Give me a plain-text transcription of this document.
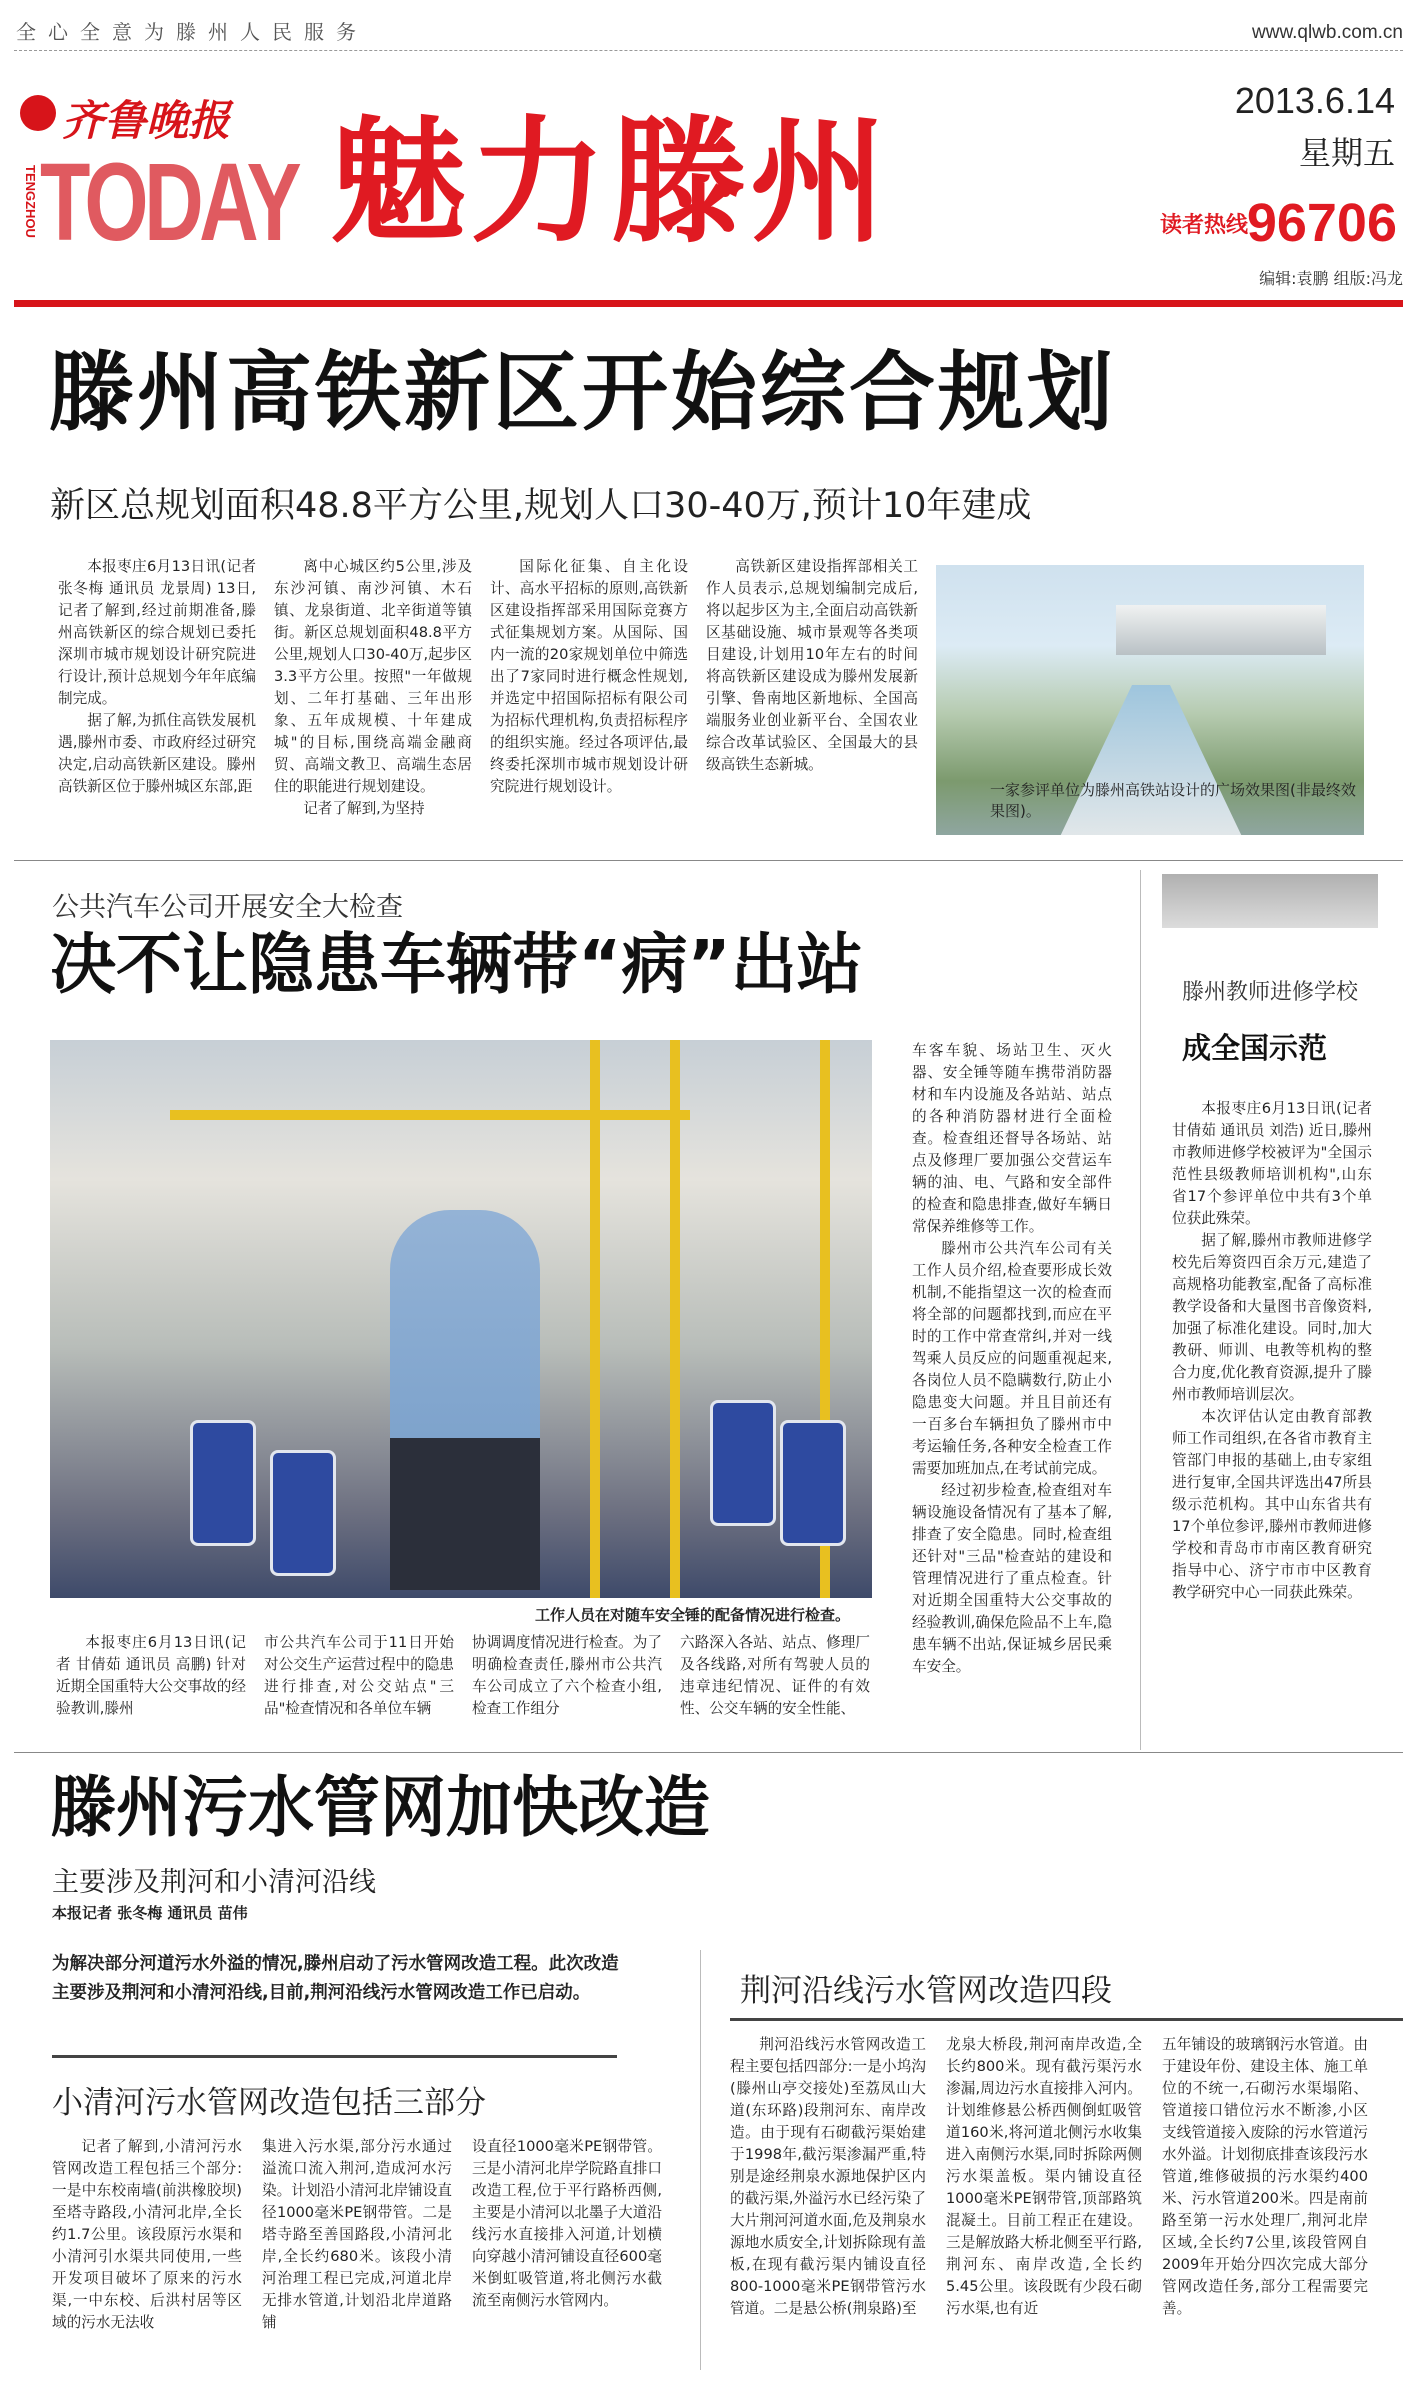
全心全意为滕州人民服务	www.qlwb.com.cn
齐鲁晚报
TENGZHOU TODAY 魅力滕州
2013.6.14
星期五
读者热线
96706
编辑:袁鹏 组版:冯龙
滕州高铁新区开始综合规划
新区总规划面积48.8平方公里,规划人口30-40万,预计10年建成

本报枣庄6月13日讯(记者 张冬梅 通讯员 龙景周) 13日,记者了解到,经过前期准备,滕州高铁新区的综合规划已委托深圳市城市规划设计研究院进行设计,预计总规划今年年底编制完成。

据了解,为抓住高铁发展机遇,滕州市委、市政府经过研究决定,启动高铁新区建设。滕州高铁新区位于滕州城区东部,距

离中心城区约5公里,涉及东沙河镇、南沙河镇、木石镇、龙泉街道、北辛街道等镇街。新区总规划面积48.8平方公里,规划人口30-40万,起步区3.3平方公里。按照"一年做规划、二年打基础、三年出形象、五年成规模、十年建成城"的目标,围绕高端金融商贸、高端文教卫、高端生态居住的职能进行规划建设。

记者了解到,为坚持

国际化征集、自主化设计、高水平招标的原则,高铁新区建设指挥部采用国际竞赛方式征集规划方案。从国际、国内一流的20家规划单位中筛选出了7家同时进行概念性规划,并选定中招国际招标有限公司为招标代理机构,负责招标程序的组织实施。经过各项评估,最终委托深圳市城市规划设计研究院进行规划设计。

高铁新区建设指挥部相关工作人员表示,总规划编制完成后,将以起步区为主,全面启动高铁新区基础设施、城市景观等各类项目建设,计划用10年左右的时间将高铁新区建设成为滕州发展新引擎、鲁南地区新地标、全国高端服务业创业新平台、全国农业综合改革试验区、全国最大的县级高铁生态新城。

一家参评单位为滕州高铁站设计的广场效果图(非最终效果图)。
公共汽车公司开展安全大检查
决不让隐患车辆带“病”出站
工作人员在对随车安全锤的配备情况进行检查。

本报枣庄6月13日讯(记者 甘倩茹 通讯员 高鹏) 针对近期全国重特大公交事故的经验教训,滕州

市公共汽车公司于11日开始对公交生产运营过程中的隐患进行排查,对公交站点"三品"检查情况和各单位车辆

协调调度情况进行检查。为了明确检查责任,滕州市公共汽车公司成立了六个检查小组,检查工作组分

六路深入各站、站点、修理厂及各线路,对所有驾驶人员的违章违纪情况、证件的有效性、公交车辆的安全性能、

车客车貌、场站卫生、灭火器、安全锤等随车携带消防器材和车内设施及各站站、站点的各种消防器材进行全面检查。检查组还督导各场站、站点及修理厂要加强公交营运车辆的油、电、气路和安全部件的检查和隐患排查,做好车辆日常保养维修等工作。

滕州市公共汽车公司有关工作人员介绍,检查要形成长效机制,不能指望这一次的检查而将全部的问题都找到,而应在平时的工作中常查常纠,并对一线驾乘人员反应的问题重视起来,各岗位人员不隐瞒数行,防止小隐患变大问题。并且目前还有一百多台车辆担负了滕州市中考运输任务,各种安全检查工作需要加班加点,在考试前完成。

经过初步检查,检查组对车辆设施设备情况有了基本了解,排查了安全隐患。同时,检查组还针对"三品"检查站的建设和管理情况进行了重点检查。针对近期全国重特大公交事故的经验教训,确保危险品不上车,隐患车辆不出站,保证城乡居民乘车安全。

滕州教师进修学校
成全国示范

本报枣庄6月13日讯(记者 甘倩茹 通讯员 刘浩) 近日,滕州市教师进修学校被评为"全国示范性县级教师培训机构",山东省17个参评单位中共有3个单位获此殊荣。

据了解,滕州市教师进修学校先后筹资四百余万元,建造了高规格功能教室,配备了高标准教学设备和大量图书音像资料,加强了标准化建设。同时,加大教研、师训、电教等机构的整合力度,优化教育资源,提升了滕州市教师培训层次。

本次评估认定由教育部教师工作司组织,在各省市教育主管部门申报的基础上,由专家组进行复审,全国共评选出47所县级示范机构。其中山东省共有17个单位参评,滕州市教师进修学校和青岛市市南区教育研究指导中心、济宁市市中区教育教学研究中心一同获此殊荣。

滕州污水管网加快改造
主要涉及荆河和小清河沿线
本报记者 张冬梅 通讯员 苗伟
为解决部分河道污水外溢的情况,滕州启动了污水管网改造工程。此次改造主要涉及荆河和小清河沿线,目前,荆河沿线污水管网改造工作已启动。
小清河污水管网改造包括三部分

记者了解到,小清河污水管网改造工程包括三个部分:一是中东校南墙(前洪橡胶坝)至塔寺路段,小清河北岸,全长约1.7公里。该段原污水渠和小清河引水渠共同使用,一些开发项目破坏了原来的污水渠,一中东校、后洪村居等区域的污水无法收

集进入污水渠,部分污水通过溢流口流入荆河,造成河水污染。计划沿小清河北岸铺设直径1000毫米PE钢带管。二是塔寺路至善国路段,小清河北岸,全长约680米。该段小清河治理工程已完成,河道北岸无排水管道,计划沿北岸道路铺

设直径1000毫米PE钢带管。三是小清河北岸学院路直排口改造工程,位于平行路桥西侧,主要是小清河以北墨子大道沿线污水直接排入河道,计划横向穿越小清河铺设直径600毫米倒虹吸管道,将北侧污水截流至南侧污水管网内。

荆河沿线污水管网改造四段

荆河沿线污水管网改造工程主要包括四部分:一是小坞沟(滕州山亭交接处)至荔凤山大道(东环路)段荆河东、南岸改造。由于现有石砌截污渠始建于1998年,截污渠渗漏严重,特别是途经荆泉水源地保护区内的截污渠,外溢污水已经污染了大片荆河河道水面,危及荆泉水源地水质安全,计划拆除现有盖板,在现有截污渠内铺设直径800-1000毫米PE钢带管污水管道。二是悬公桥(荆泉路)至

龙泉大桥段,荆河南岸改造,全长约800米。现有截污渠污水渗漏,周边污水直接排入河内。计划维修悬公桥西侧倒虹吸管道160米,将河道北侧污水收集进入南侧污水渠,同时拆除两侧污水渠盖板。渠内铺设直径1000毫米PE钢带管,顶部路筑混凝土。目前工程正在建设。三是解放路大桥北侧至平行路,荆河东、南岸改造,全长约5.45公里。该段既有少段石砌污水渠,也有近

五年铺设的玻璃钢污水管道。由于建设年份、建设主体、施工单位的不统一,石砌污水渠塌陷、管道接口错位污水不断渗,小区支线管道接入废除的污水管道污水外溢。计划彻底排查该段污水管道,维修破损的污水渠约400米、污水管道200米。四是南前路至第一污水处理厂,荆河北岸区域,全长约7公里,该段管网自2009年开始分四次完成大部分管网改造任务,部分工程需要完善。
